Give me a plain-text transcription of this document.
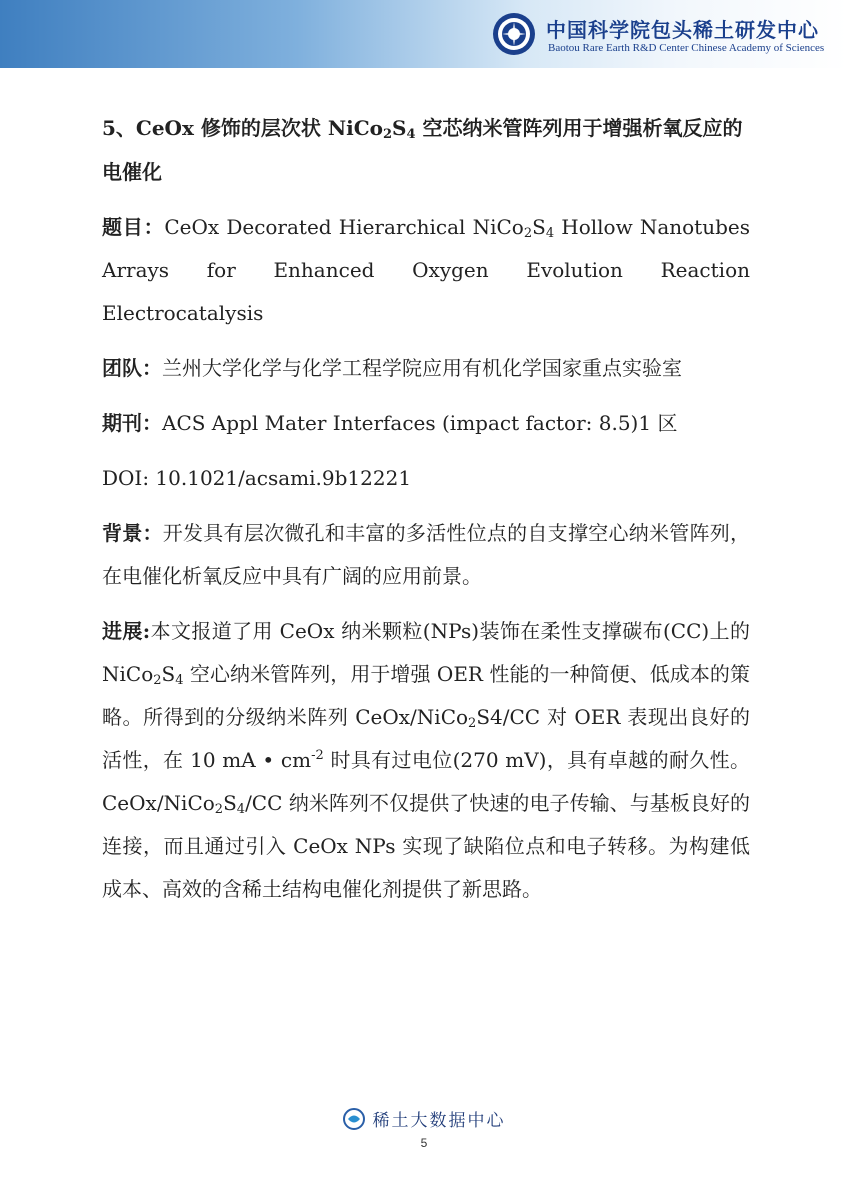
中国科学院包头稀土研发中心
Baotou Rare Earth R&D Center Chinese Academy of Sciences
5、CeOx 修饰的层次状 $NiCo_2S_4$ 空芯纳米管阵列用于增强析氧反应的电催化

题目：CeOx Decorated Hierarchical $NiCo_2S_4$ Hollow Nanotubes Arrays for Enhanced Oxygen Evolution Reaction Electrocatalysis

团队：兰州大学化学与化学工程学院应用有机化学国家重点实验室

期刊：ACS Appl Mater Interfaces (impact factor: 8.5)1 区

DOI: 10.1021/acsami.9b12221

背景：开发具有层次微孔和丰富的多活性位点的自支撑空心纳米管阵列，在电催化析氧反应中具有广阔的应用前景。

进展:本文报道了用 CeOx 纳米颗粒(NPs)装饰在柔性支撑碳布(CC)上的 $NiCo_2S_4$ 空心纳米管阵列，用于增强 OER 性能的一种简便、低成本的策略。所得到的分级纳米阵列 CeOx/NiCo$_2$S4/CC 对 OER 表现出良好的活性，在 10 mA • $cm^{-2}$ 时具有过电位(270 mV)，具有卓越的耐久性。CeOx/$NiCo_2S_4/CC$ 纳米阵列不仅提供了快速的电子传输、与基板良好的连接，而且通过引入 CeOx NPs 实现了缺陷位点和电子转移。为构建低成本、高效的含稀土结构电催化剂提供了新思路。

稀土大数据中心
5
